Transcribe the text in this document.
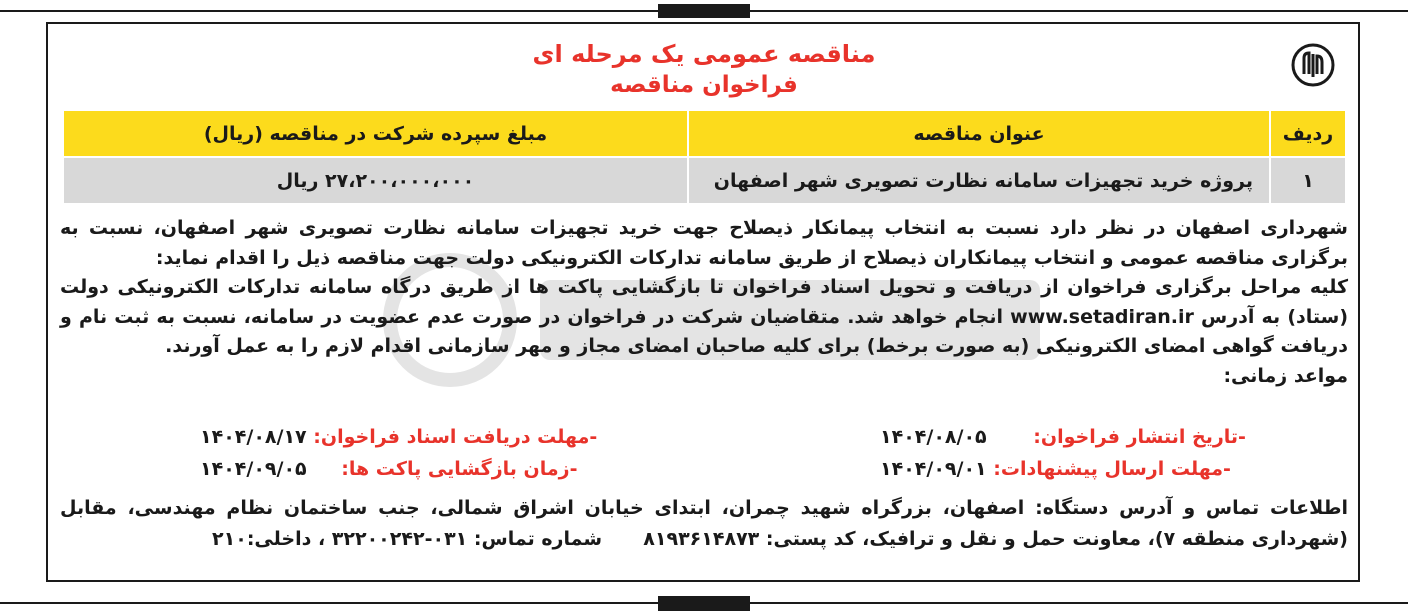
مناقصه عمومی یک مرحله ای
فراخوان مناقصه
ردیف	عنوان مناقصه	مبلغ سپرده شرکت در مناقصه (ریال)
۱	پروژه خرید تجهیزات سامانه نظارت تصویری شهر اصفهان	۲۷،۲۰۰،۰۰۰،۰۰۰ ریال

شهرداری اصفهان در نظر دارد نسبت به انتخاب پیمانکار ذیصلاح جهت خرید تجهیزات سامانه نظارت تصویری شهر اصفهان، نسبت به برگزاری مناقصه عمومی و انتخاب پیمانکاران ذیصلاح از طریق سامانه تدارکات الکترونیکی دولت جهت مناقصه ذیل را اقدام نماید:

کلیه مراحل برگزاری فراخوان از دریافت و تحویل اسناد فراخوان تا بازگشایی پاکت ها از طریق درگاه سامانه تدارکات الکترونیکی دولت (ستاد) به آدرس www.setadiran.ir انجام خواهد شد. متقاضیان شرکت در فراخوان در صورت عدم عضویت در سامانه، نسبت به ثبت نام و دریافت گواهی امضای الکترونیکی (به صورت برخط) برای کلیه صاحبان امضای مجاز و مهر سازمانی اقدام لازم را به عمل آورند.

مواعد زمانی:

-تاریخ انتشار فراخوان: ۱۴۰۴/۰۸/۰۵
-مهلت دریافت اسناد فراخوان: ۱۴۰۴/۰۸/۱۷
-مهلت ارسال پیشنهادات: ۱۴۰۴/۰۹/۰۱
-زمان بازگشایی پاکت ها: ۱۴۰۴/۰۹/۰۵
اطلاعات تماس و آدرس دستگاه: اصفهان، بزرگراه شهید چمران، ابتدای خیابان اشراق شمالی، جنب ساختمان نظام مهندسی، مقابل (شهرداری منطقه ۷)، معاونت حمل و نقل و ترافیک، کد پستی: ۸۱۹۳۶۱۴۸۷۳  شماره تماس: ۰۳۱-۳۲۲۰۰۲۴۲ ، داخلی:۲۱۰
